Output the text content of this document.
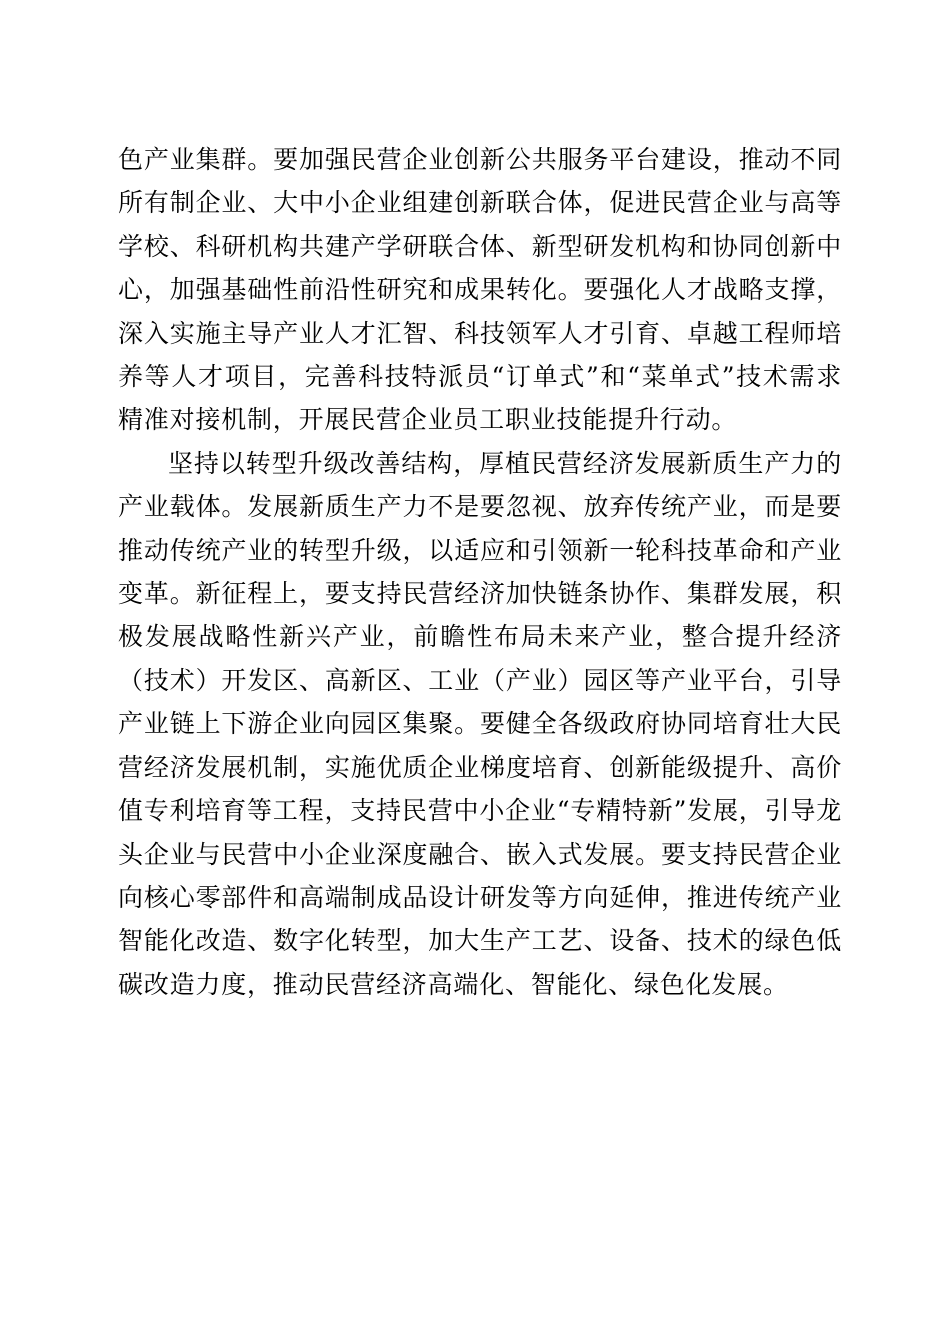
色产业集群。要加强民营企业创新公共服务平台建设，推动不同所有制企业、大中小企业组建创新联合体，促进民营企业与高等学校、科研机构共建产学研联合体、新型研发机构和协同创新中心，加强基础性前沿性研究和成果转化。要强化人才战略支撑，深入实施主导产业人才汇智、科技领军人才引育、卓越工程师培养等人才项目，完善科技特派员“订单式”和“菜单式”技术需求精准对接机制，开展民营企业员工职业技能提升行动。

坚持以转型升级改善结构，厚植民营经济发展新质生产力的产业载体。发展新质生产力不是要忽视、放弃传统产业，而是要推动传统产业的转型升级，以适应和引领新一轮科技革命和产业变革。新征程上，要支持民营经济加快链条协作、集群发展，积极发展战略性新兴产业，前瞻性布局未来产业，整合提升经济（技术）开发区、高新区、工业（产业）园区等产业平台，引导产业链上下游企业向园区集聚。要健全各级政府协同培育壮大民营经济发展机制，实施优质企业梯度培育、创新能级提升、高价值专利培育等工程，支持民营中小企业“专精特新”发展，引导龙头企业与民营中小企业深度融合、嵌入式发展。要支持民营企业向核心零部件和高端制成品设计研发等方向延伸，推进传统产业智能化改造、数字化转型，加大生产工艺、设备、技术的绿色低碳改造力度，推动民营经济高端化、智能化、绿色化发展。
